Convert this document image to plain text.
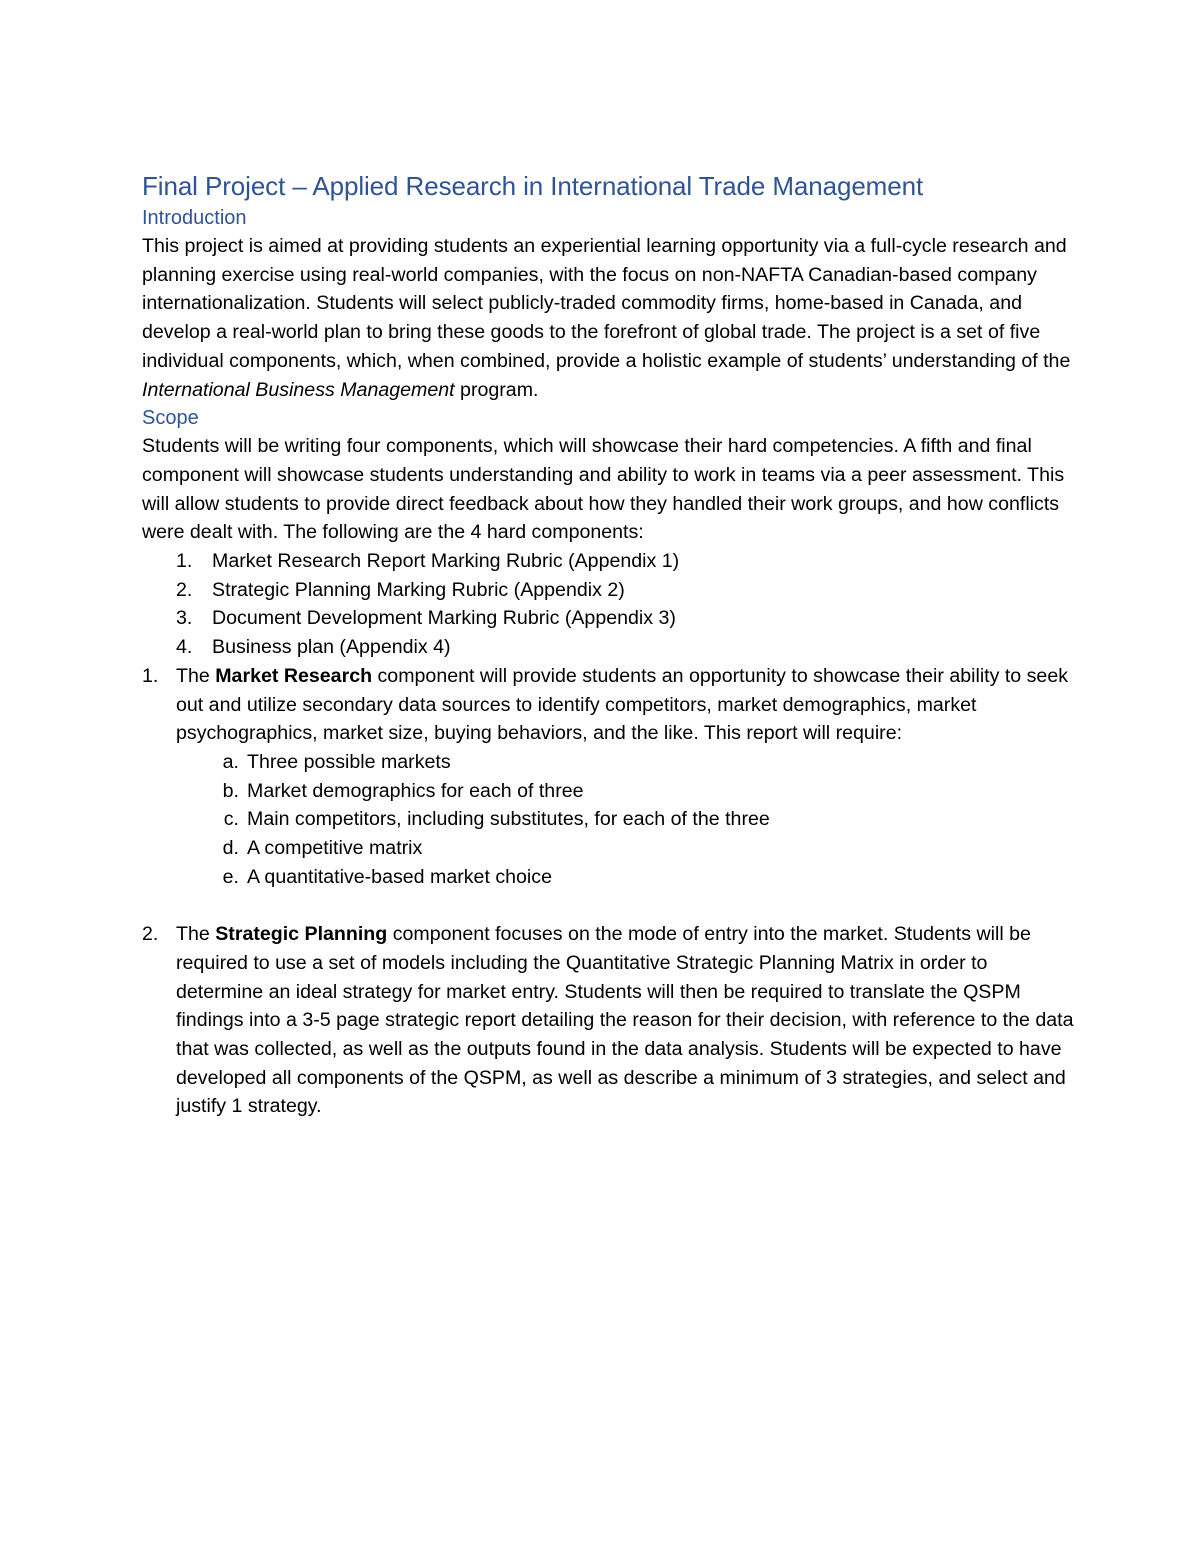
Final Project – Applied Research in International Trade Management
Introduction

This project is aimed at providing students an experiential learning opportunity via a full-cycle research and planning exercise using real-world companies, with the focus on non-NAFTA Canadian-based company internationalization. Students will select publicly-traded commodity firms, home-based in Canada, and develop a real-world plan to bring these goods to the forefront of global trade. The project is a set of five individual components, which, when combined, provide a holistic example of students’ understanding of the International Business Management program.

Scope

Students will be writing four components, which will showcase their hard competencies. A fifth and final component will showcase students understanding and ability to work in teams via a peer assessment. This will allow students to provide direct feedback about how they handled their work groups, and how conflicts were dealt with. The following are the 4 hard components:

1. Market Research Report Marking Rubric (Appendix 1)
2. Strategic Planning Marking Rubric (Appendix 2)
3. Document Development Marking Rubric (Appendix 3)
4. Business plan (Appendix 4)
1. The Market Research component will provide students an opportunity to showcase their ability to seek out and utilize secondary data sources to identify competitors, market demographics, market psychographics, market size, buying behaviors, and the like. This report will require:
a. Three possible markets
b. Market demographics for each of three
c. Main competitors, including substitutes, for each of the three
d. A competitive matrix
e. A quantitative-based market choice
2. The Strategic Planning component focuses on the mode of entry into the market. Students will be required to use a set of models including the Quantitative Strategic Planning Matrix in order to determine an ideal strategy for market entry. Students will then be required to translate the QSPM findings into a 3-5 page strategic report detailing the reason for their decision, with reference to the data that was collected, as well as the outputs found in the data analysis. Students will be expected to have developed all components of the QSPM, as well as describe a minimum of 3 strategies, and select and justify 1 strategy.
